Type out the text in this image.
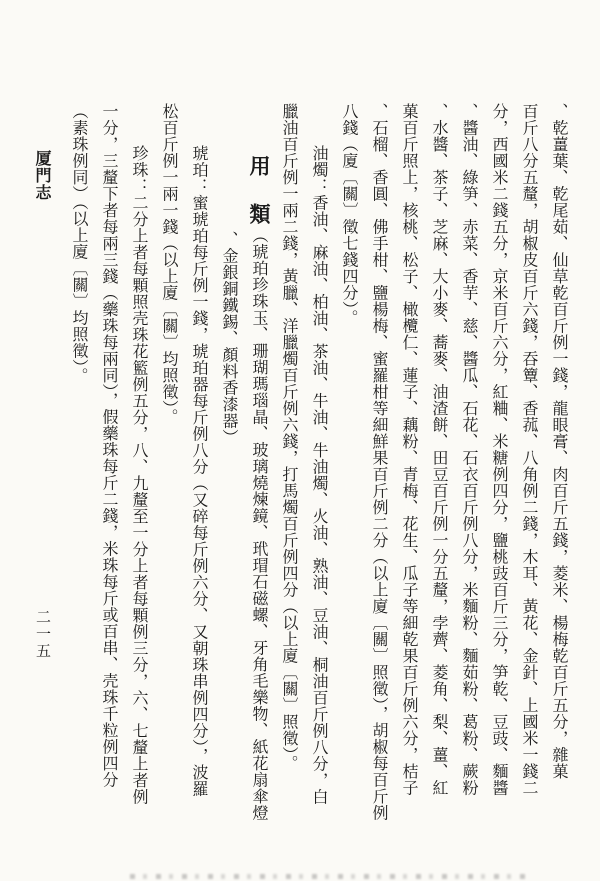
厦門志
二一五	、乾薑葉、乾尾茹、仙草乾百斤例一錢，龍眼膏、肉百斤五錢，菱米、楊梅乾百斤五分，雜菓
百斤八分五釐，胡椒皮百斤六錢，吞簟、香菰、八角例二錢，木耳、黃花、金針、上國米一錢二
分，西國米二錢五分，京米百斤六分，紅粬、米糖例四分，鹽桃豉百斤三分，笋乾、豆豉、麵醬
、醬油、綠笋、赤菜、香芋、慈、醬瓜、石花、石衣百斤例八分，米麵粉、麵茹粉、葛粉、蕨粉
、水醬、茶子、芝麻、大小麥、蕎麥、油渣餅、田豆百斤例一分五釐，孛薺、菱角、梨、薑、紅
菓百斤照上，核桃、松子、橄欖仁、蓮子、藕粉、青梅、花生、瓜子等細乾果百斤例六分，桔子
、石榴、香圓、佛手柑、鹽楊梅、蜜羅柑等細鮮果百斤例二分（以上廈〔關〕照徵），胡椒每百斤例
八錢（廈〔關〕徵七錢四分）。
油燭：香油、麻油、柏油、茶油、牛油、牛油燭、火油、熟油、豆油、桐油百斤例八分，白
臘油百斤例一兩二錢，黃臘、洋臘燭百斤例六錢，打馬燭百斤例四分（以上廈〔關〕照徵）。
用　類（琥珀珍珠玉、珊瑚瑪瑙晶、玻璃燒煉鏡、玳瑁石磁螺、牙角毛樂物、紙花扇傘燈
、金銀銅鐵錫、顏料香漆器）
琥珀：蜜琥珀每斤例一錢，琥珀器每斤例八分（又碎每斤例六分、又朝珠串例四分），波羅
松百斤例一兩一錢（以上廈〔關〕均照徵）。
珍珠：二分上者每顆照壳珠花籃例五分，八、九釐至一分上者每顆例三分，六、七釐上者例
一分，三釐下者每兩三錢（藥珠每兩同），假藥珠每斤二錢，米珠每斤或百串、壳珠千粒例四分
（素珠例同）（以上廈〔關〕均照徵）。
